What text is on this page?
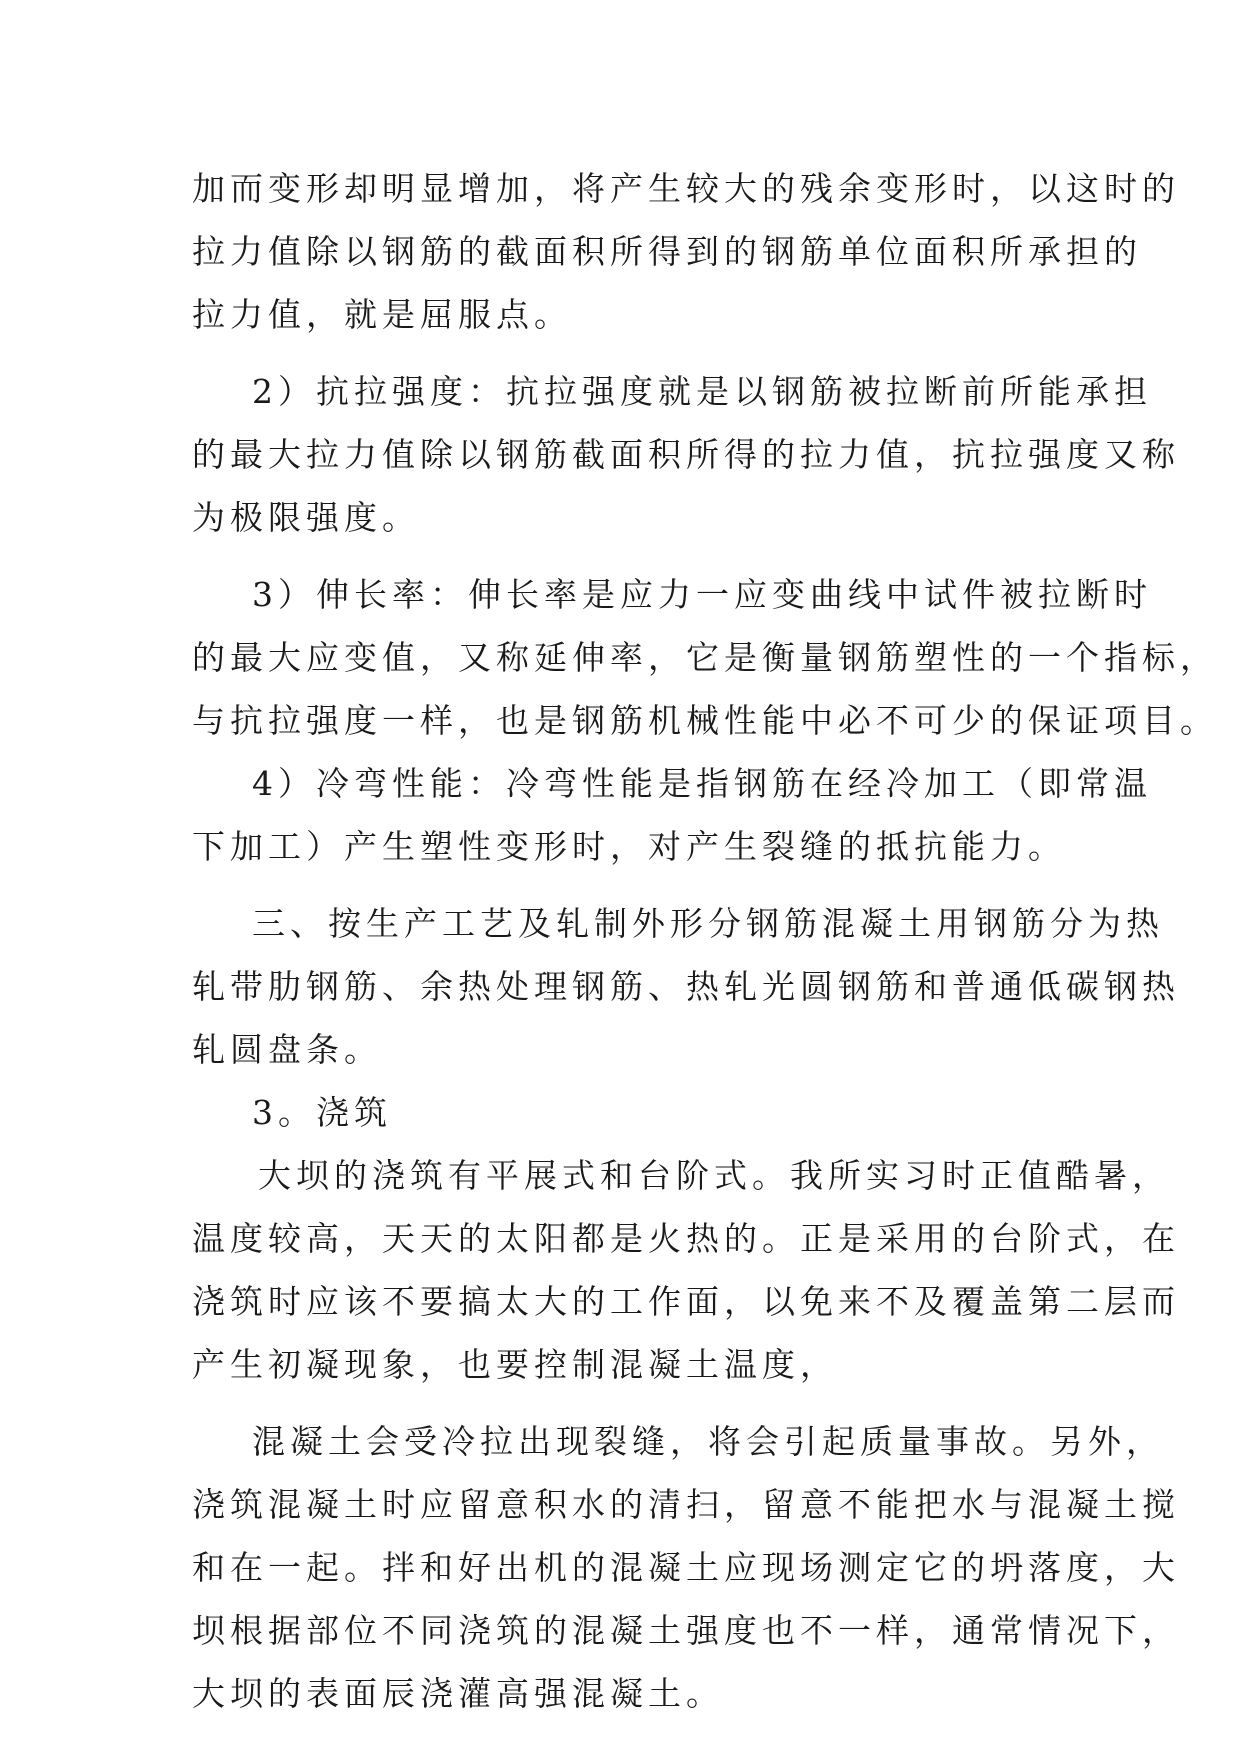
加而变形却明显增加，将产生较大的残余变形时，以这时的
拉力值除以钢筋的截面积所得到的钢筋单位面积所承担的
拉力值，就是屈服点。
2）抗拉强度：抗拉强度就是以钢筋被拉断前所能承担
的最大拉力值除以钢筋截面积所得的拉力值，抗拉强度又称
为极限强度。
3）伸长率：伸长率是应力一应变曲线中试件被拉断时
的最大应变值，又称延伸率，它是衡量钢筋塑性的一个指标，
与抗拉强度一样，也是钢筋机械性能中必不可少的保证项目。
4）冷弯性能：冷弯性能是指钢筋在经冷加工（即常温
下加工）产生塑性变形时，对产生裂缝的抵抗能力。
三、按生产工艺及轧制外形分钢筋混凝土用钢筋分为热
轧带肋钢筋、余热处理钢筋、热轧光圆钢筋和普通低碳钢热
轧圆盘条。
3。浇筑
大坝的浇筑有平展式和台阶式。我所实习时正值酷暑，
温度较高，天天的太阳都是火热的。正是采用的台阶式，在
浇筑时应该不要搞太大的工作面，以免来不及覆盖第二层而
产生初凝现象，也要控制混凝土温度，
混凝土会受冷拉出现裂缝，将会引起质量事故。另外，
浇筑混凝土时应留意积水的清扫，留意不能把水与混凝土搅
和在一起。拌和好出机的混凝土应现场测定它的坍落度，大
坝根据部位不同浇筑的混凝土强度也不一样，通常情况下，
大坝的表面辰浇灌高强混凝土。
